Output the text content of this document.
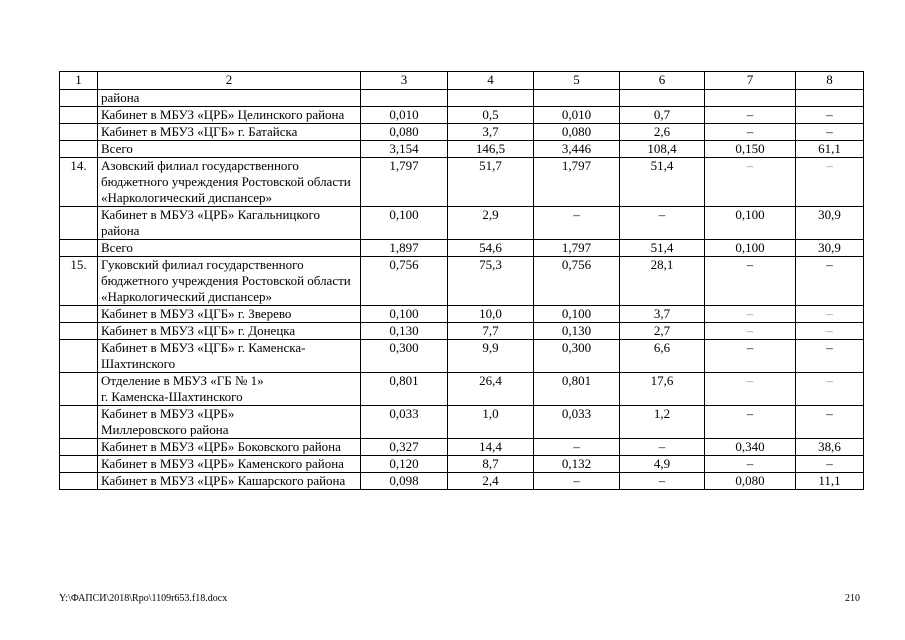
1	2	3	4	5	6	7	8
	района						
	Кабинет в МБУЗ «ЦРБ» Целинского района	0,010	0,5	0,010	0,7	–	–
	Кабинет в МБУЗ «ЦГБ» г. Батайска	0,080	3,7	0,080	2,6	–	–
	Всего	3,154	146,5	3,446	108,4	0,150	61,1
14.	Азовский филиал государственного бюджетного учреждения Ростовской области «Наркологический диспансер»	1,797	51,7	1,797	51,4	–	–
	Кабинет в МБУЗ «ЦРБ» Кагальницкого района	0,100	2,9	–	–	0,100	30,9
	Всего	1,897	54,6	1,797	51,4	0,100	30,9
15.	Гуковский филиал государственного бюджетного учреждения Ростовской области «Наркологический диспансер»	0,756	75,3	0,756	28,1	–	–
	Кабинет в МБУЗ «ЦГБ» г. Зверево	0,100	10,0	0,100	3,7	–	–
	Кабинет в МБУЗ «ЦГБ» г. Донецка	0,130	7,7	0,130	2,7	–	–
	Кабинет в МБУЗ «ЦГБ» г. Каменска-Шахтинского	0,300	9,9	0,300	6,6	–	–
	Отделение в МБУЗ «ГБ № 1»
г. Каменска-Шахтинского	0,801	26,4	0,801	17,6	–	–
	Кабинет в МБУЗ «ЦРБ»
Миллеровского района	0,033	1,0	0,033	1,2	–	–
	Кабинет в МБУЗ «ЦРБ» Боковского района	0,327	14,4	–	–	0,340	38,6
	Кабинет в МБУЗ «ЦРБ» Каменского района	0,120	8,7	0,132	4,9	–	–
	Кабинет в МБУЗ «ЦРБ» Кашарского района	0,098	2,4	–	–	0,080	11,1
Y:\ФАПСИ\2018\Rpo\1109r653.f18.docx	210
